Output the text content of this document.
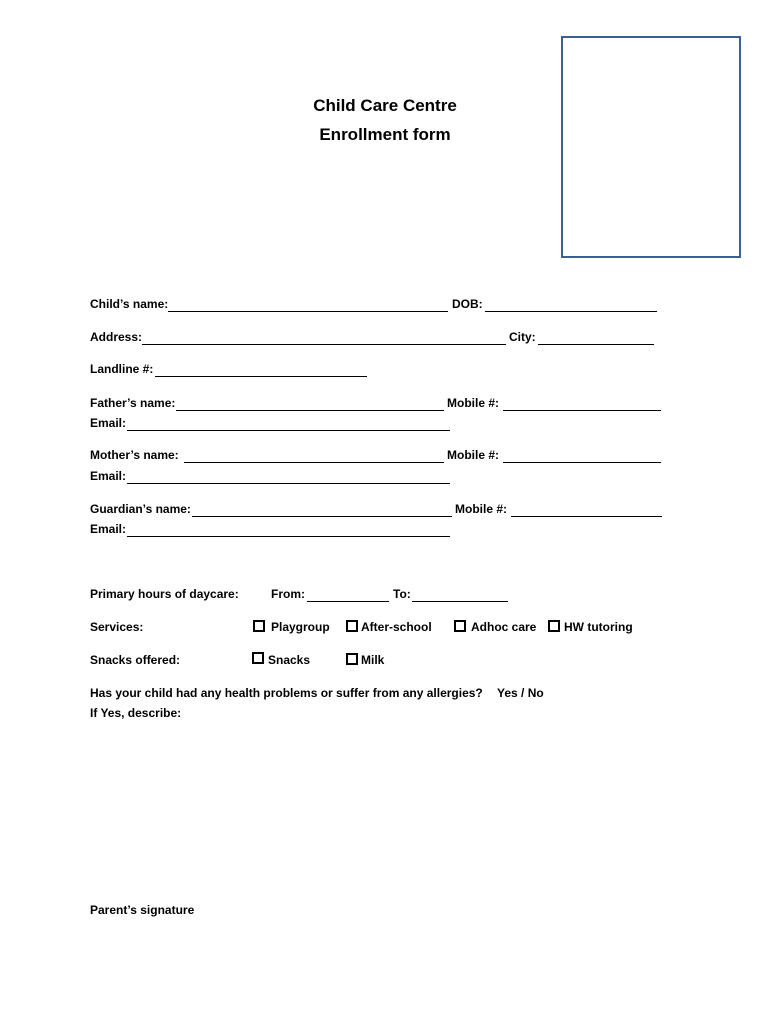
Child Care Centre
Enrollment form
Child’s name:	DOB:
Address:	City:
Landline #:
Father’s name:	Mobile #:
Email:
Mother’s name:	Mobile #:
Email:
Guardian’s name:	Mobile #:
Email:
Primary hours of daycare:	From:	To:
Services:	Playgroup	After-school	Adhoc care HW tutoring
Snacks offered:	Snacks	Milk
Has your child had any health problems or suffer from any allergies? Yes / No
If Yes, describe:
Parent’s signature
